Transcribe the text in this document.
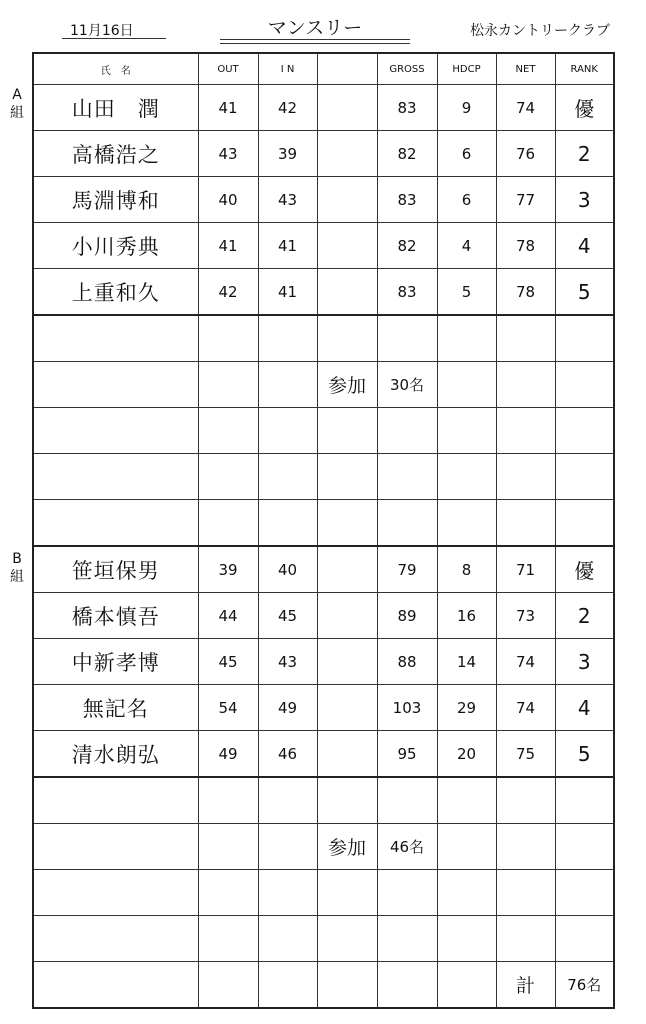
11月16日	マンスリー	松永カントリークラブ
A
組
B
組
氏　名	OUT	I N		GROSS	HDCP	NET	RANK
山田　潤	41	42		83	9	74	優
高橋浩之	43	39		82	6	76	2
馬淵博和	40	43		83	6	77	3
小川秀典	41	41		82	4	78	4
上重和久	42	41		83	5	78	5

			参加	30名			

笹垣保男	39	40		79	8	71	優
橋本慎吾	44	45		89	16	73	2
中新孝博	45	43		88	14	74	3
無記名	54	49		103	29	74	4
清水朗弘	49	46		95	20	75	5

			参加	46名			

						計	76名
